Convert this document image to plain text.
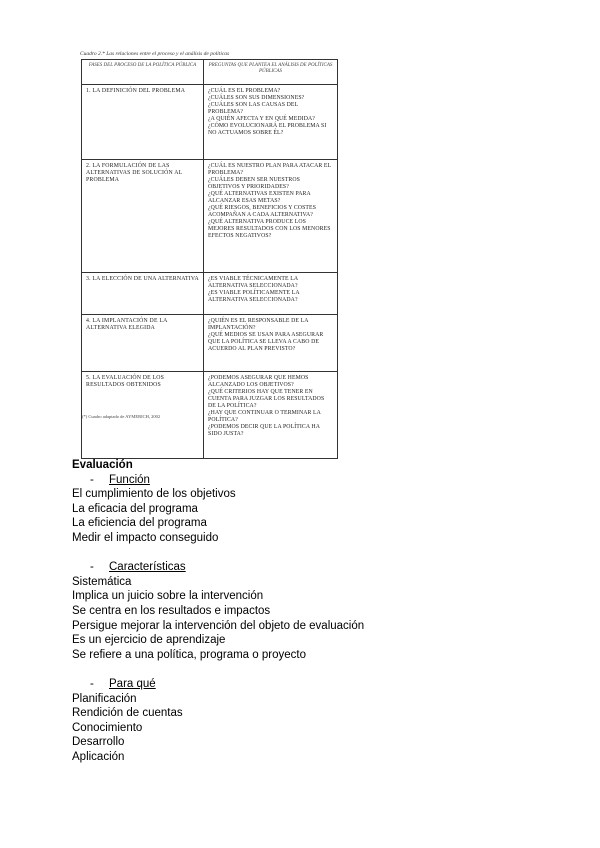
Cuadro 2.* Las relaciones entre el proceso y el análisis de políticas
FASES DEL PROCESO DE LA POLÍTICA PÚBLICA	PREGUNTAS QUE PLANTEA EL ANÁLISIS DE POLÍTICAS PÚBLICAS

1. LA DEFINICIÓN DEL PROBLEMA	¿CUÁL ES EL PROBLEMA?
¿CUÁLES SON SUS DIMENSIONES?
¿CUÁLES SON LAS CAUSAS DEL PROBLEMA?
¿A QUIÉN AFECTA Y EN QUÉ MEDIDA?
¿CÓMO EVOLUCIONARÁ EL PROBLEMA SI NO ACTUAMOS SOBRE ÉL?

2. LA FORMULACIÓN DE LAS ALTERNATIVAS DE SOLUCIÓN AL PROBLEMA	¿CUÁL ES NUESTRO PLAN PARA ATACAR EL PROBLEMA?
¿CUÁLES DEBEN SER NUESTROS OBJETIVOS Y PRIORIDADES?
¿QUÉ ALTERNATIVAS EXISTEN PARA ALCANZAR ESAS METAS?
¿QUÉ RIESGOS, BENEFICIOS Y COSTES ACOMPAÑAN A CADA ALTERNATIVA?
¿QUÉ ALTERNATIVA PRODUCE LOS MEJORES RESULTADOS CON LOS MENORES EFECTOS NEGATIVOS?

3. LA ELECCIÓN DE UNA ALTERNATIVA	¿ES VIABLE TÉCNICAMENTE LA ALTERNATIVA SELECCIONADA?
¿ES VIABLE POLÍTICAMENTE LA ALTERNATIVA SELECCIONADA?

4. LA IMPLANTACIÓN DE LA ALTERNATIVA ELEGIDA	¿QUIÉN ES EL RESPONSABLE DE LA IMPLANTACIÓN?
¿QUÉ MEDIOS SE USAN PARA ASEGURAR QUE LA POLÍTICA SE LLEVA A CABO DE ACUERDO AL PLAN PREVISTO?

5. LA EVALUACIÓN DE LOS RESULTADOS OBTENIDOS	¿PODEMOS ASEGURAR QUE HEMOS ALCANZADO LOS OBJETIVOS?
¿QUÉ CRITERIOS HAY QUE TENER EN CUENTA PARA JUZGAR LOS RESULTADOS DE LA POLÍTICA?
¿HAY QUE CONTINUAR O TERMINAR LA POLÍTICA?
¿PODEMOS DECIR QUE LA POLÍTICA HA SIDO JUSTA?
(*) Cuadro adaptado de AYMERICH, 2002

Evaluación

- Función

El cumplimiento de los objetivos

La eficacia del programa

La eficiencia del programa

Medir el impacto conseguido

- Características

Sistemática

Implica un juicio sobre la intervención

Se centra en los resultados e impactos

Persigue mejorar la intervención del objeto de evaluación

Es un ejercicio de aprendizaje

Se refiere a una política, programa o proyecto

- Para qué

Planificación

Rendición de cuentas

Conocimiento

Desarrollo

Aplicación
